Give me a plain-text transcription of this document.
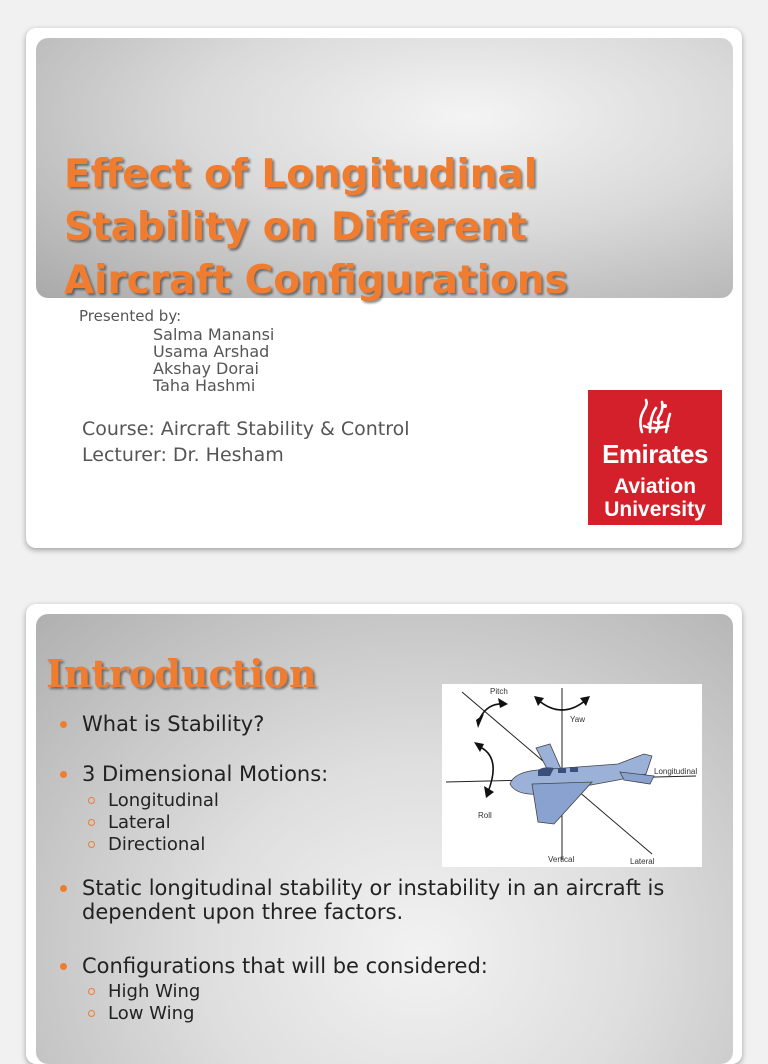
Effect of Longitudinal
Stability on Different
Aircraft Configurations
Presented by:
Salma Manansi
Usama Arshad
Akshay Dorai
Taha Hashmi
Course: Aircraft Stability & Control
Lecturer: Dr. Hesham	Emirates
Aviation
University
Introduction
What is Stability?
3 Dimensional Motions:
Longitudinal
Lateral
Directional
Static longitudinal stability or instability in an aircraft is dependent upon three factors.
Configurations that will be considered:
High Wing
Low Wing
Pitch
Yaw
Roll
Longitudinal
Vertical	Lateral
